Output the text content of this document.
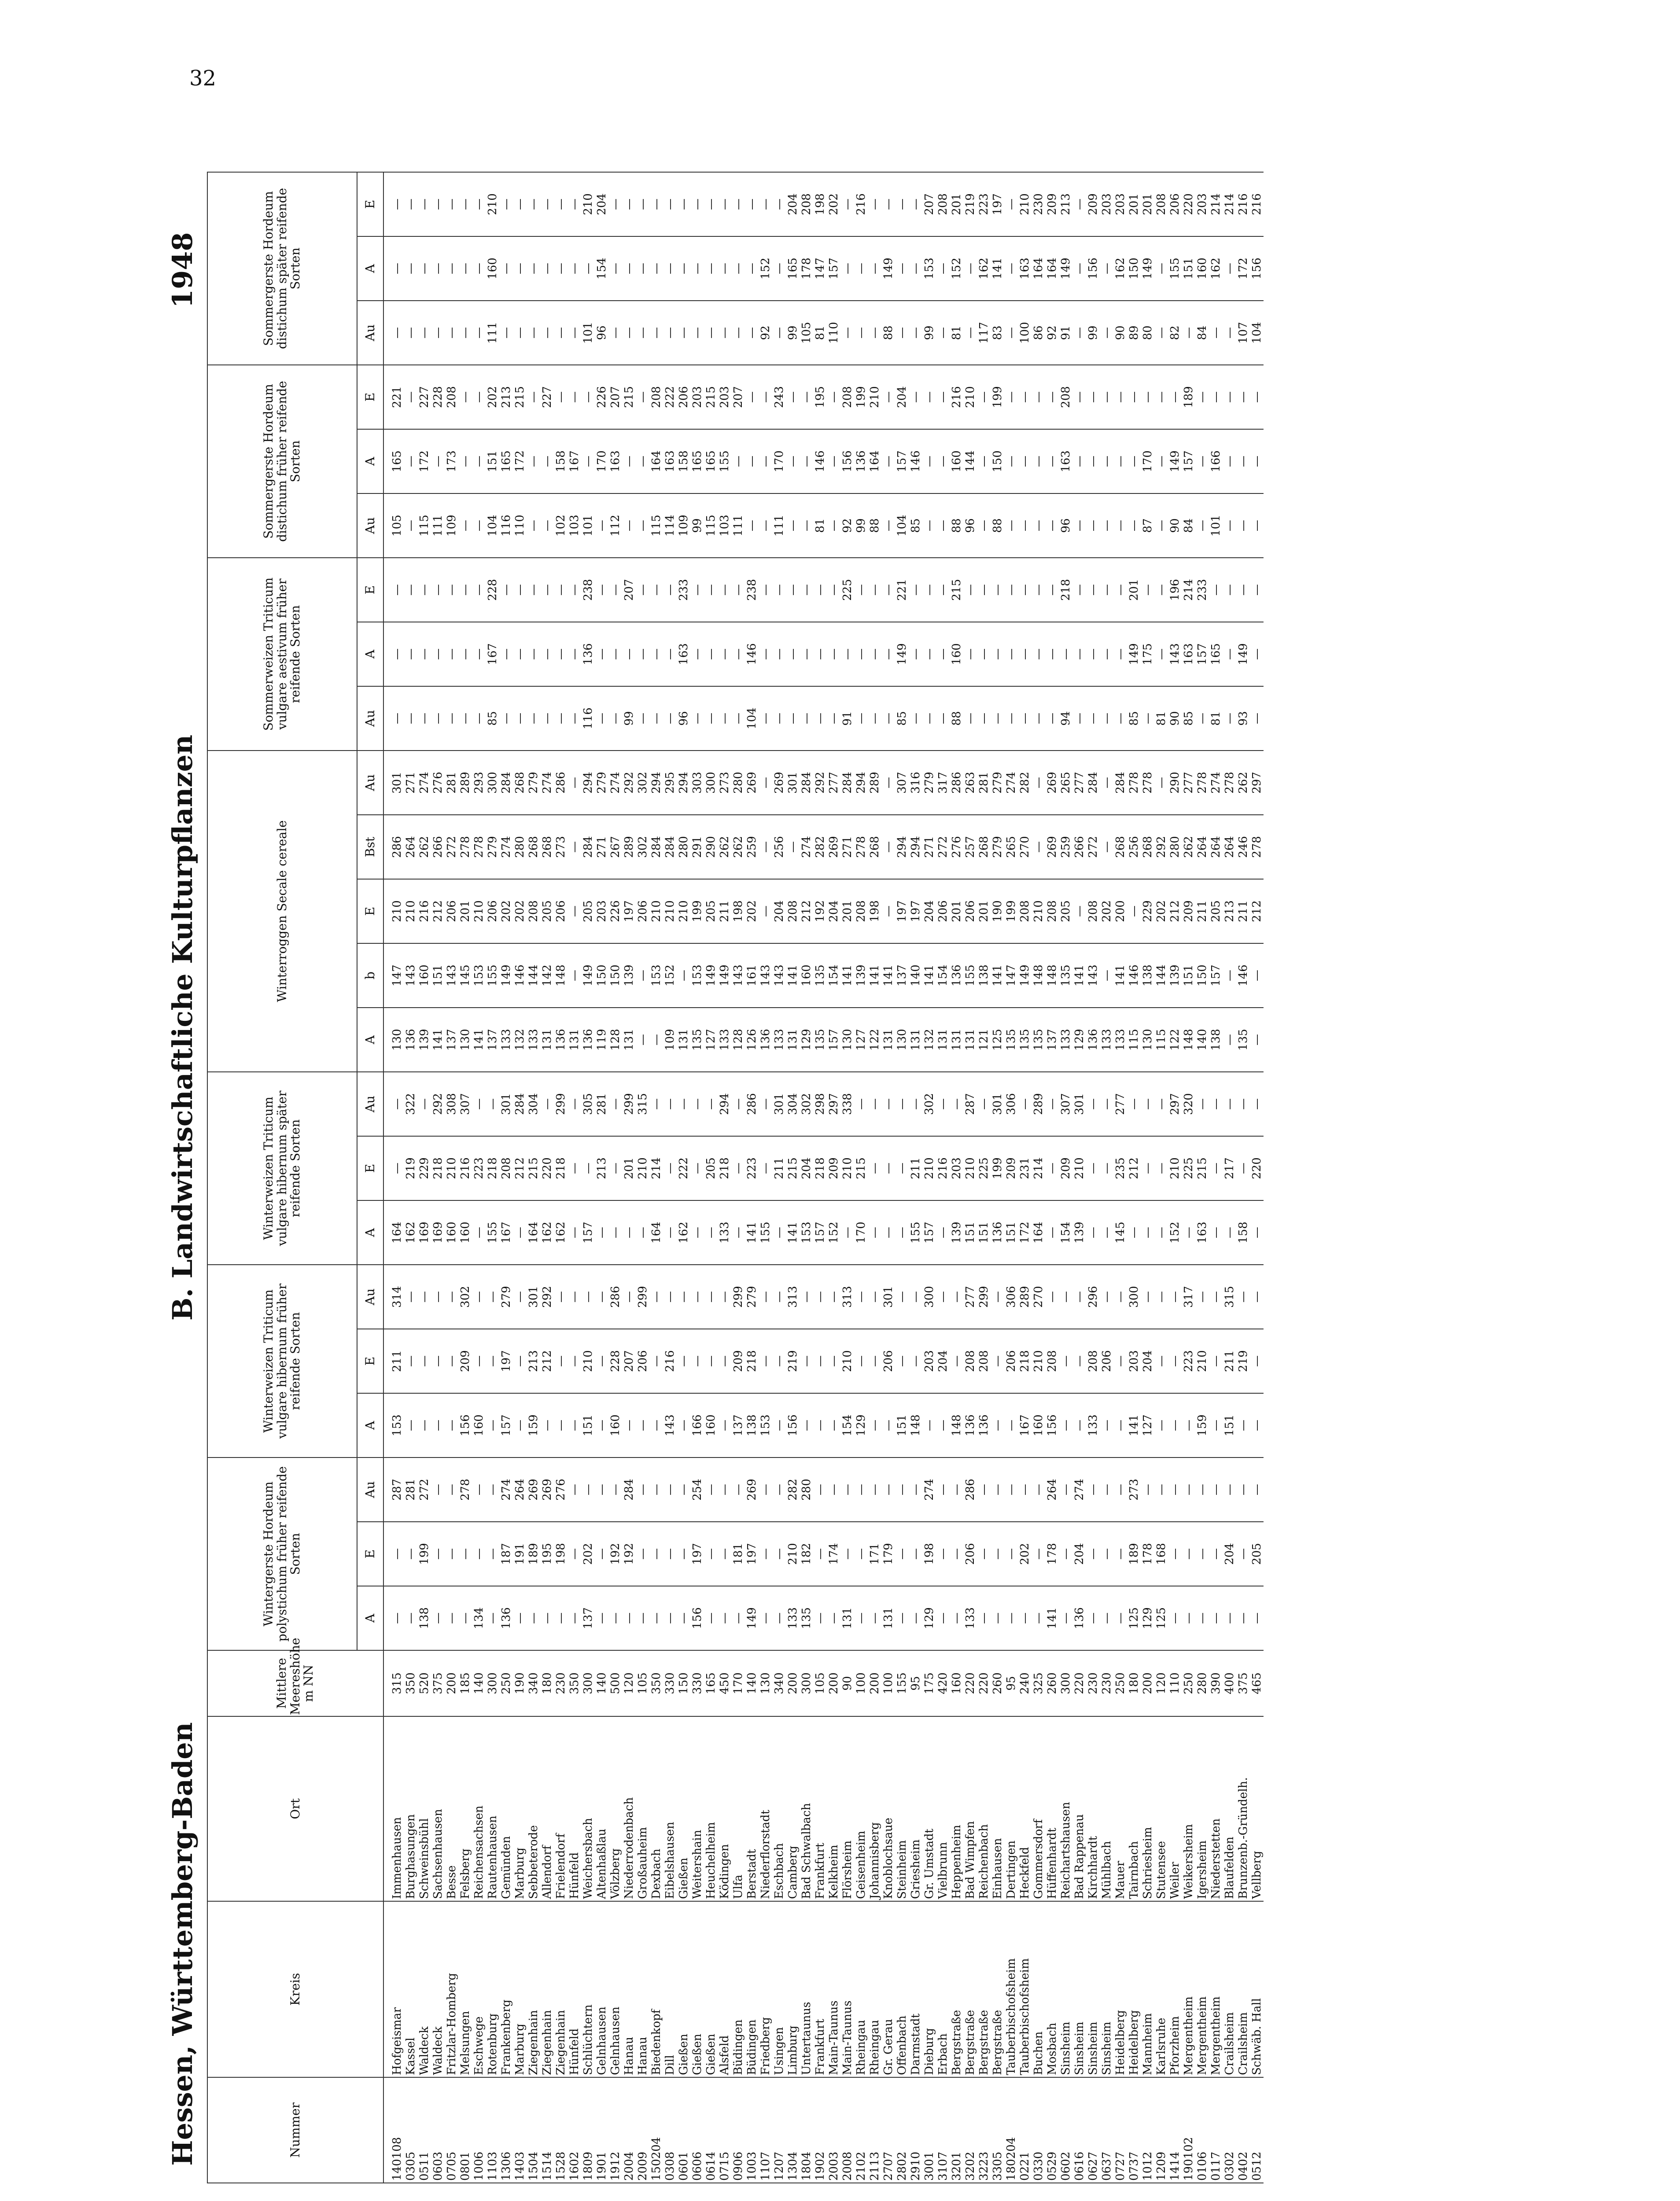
32
Hessen, Württemberg-Baden
B. Landwirtschaftliche Kulturpflanzen
1948
Nummer	Kreis	Ort	Mittlere Meereshöhe m NN	Wintergerste Hordeum polystichum früher reifende Sorten			Winterweizen Triticum vulgare hibernum früher reifende Sorten			Winterweizen Triticum vulgare hibernum später reifende Sorten			Winterroggen Secale cereale					Sommerweizen Triticum vulgare aestivum früher reifende Sorten			Sommergerste Hordeum distichum früher reifende Sorten			Sommergerste Hordeum distichum später reifende Sorten		
				A	E	Au	A	E	Au	A	E	Au	A	b	E	Bst	Au	Au	A	E	Au	A	E	Au	A	E
140108	Hofgeismar	Immenhausen	315	—	—	287	153	211	314	164	—	—	130	147	210	286	301	—	—	—	105	165	221	—	—	—
0305	Kassel	Burghasungen	350	—	—	281	—	—	—	162	219	322	136	143	210	264	271	—	—	—	—	—	—	—	—	—
0511	Waldeck	Schweinsbühl	520	138	199	272	—	—	—	169	229	—	139	160	216	262	274	—	—	—	115	172	227	—	—	—
0603	Waldeck	Sachsenhausen	375	—	—	—	—	—	—	169	218	292	141	151	212	266	276	—	—	—	111	—	228	—	—	—
0705	Fritzlar-Homberg	Besse	200	—	—	—	—	—	—	160	210	308	137	143	206	272	281	—	—	—	109	173	208	—	—	—
0801	Melsungen	Felsberg	185	—	—	278	156	209	302	160	216	307	130	145	201	278	289	—	—	—	—	—	—	—	—	—
1006	Eschwege	Reichensachsen	140	134	—	—	160	—	—	—	223	—	141	153	210	278	293	—	—	—	—	—	—	—	—	—
1103	Rotenburg	Rautenhausen	300	—	—	—	—	—	—	155	218	—	137	155	206	279	300	85	167	228	104	151	202	111	160	210
1306	Frankenberg	Gemünden	250	136	187	274	157	197	279	167	208	301	133	149	202	274	284	—	—	—	116	165	213	—	—	—
1403	Marburg	Marburg	190	—	191	264	—	—	—	—	212	284	132	146	202	280	268	—	—	—	110	172	215	—	—	—
1504	Ziegenhain	Sebbeterode	340	—	189	269	159	213	301	164	215	304	133	144	208	268	279	—	—	—	—	—	—	—	—	—
1514	Ziegenhain	Allendorf	180	—	195	269	—	212	292	162	220	—	131	142	205	268	274	—	—	—	—	—	227	—	—	—
1528	Ziegenhain	Frielendorf	230	—	198	276	—	—	—	162	218	299	136	148	206	273	286	—	—	—	102	158	—	—	—	—
1602	Hünfeld	Hünfeld	350	—	—	—	—	—	—	—	—	—	131	—	—	—	—	—	—	—	103	167	—	—	—	—
1809	Schlüchtern	Weichersbach	300	137	202	—	151	210	—	157	—	305	136	149	205	284	294	116	136	238	101	—	—	101	—	210
1901	Gelnhausen	Altenhaßlau	140	—	—	—	—	—	—	—	213	281	119	150	203	271	279	—	—	—	—	170	226	96	154	204
1912	Gelnhausen	Völzberg	500	—	192	—	160	228	286	—	—	—	128	150	226	267	274	—	—	—	112	163	207	—	—	—
2004	Hanau	Niederrodenbach	120	—	192	284	—	207	—	—	201	299	131	139	197	289	292	99	—	207	—	—	215	—	—	—
2009	Hanau	Großauheim	105	—	—	—	—	206	299	—	210	315	—	—	206	302	302	—	—	—	—	—	—	—	—	—
150204	Biedenkopf	Dexbach	350	—	—	—	—	—	—	164	214	—	—	153	210	284	294	—	—	—	115	164	208	—	—	—
0308	Dill	Eibelshausen	330	—	—	—	143	216	—	—	—	—	109	152	210	284	295	—	—	—	114	163	222	—	—	—
0601	Gießen	Gießen	150	—	—	—	—	—	—	162	222	—	131	—	210	280	294	96	163	233	109	158	206	—	—	—
0606	Gießen	Weitershain	330	156	197	254	166	—	—	—	—	—	135	153	199	291	303	—	—	—	99	165	203	—	—	—
0614	Gießen	Heuchelheim	165	—	—	—	160	—	—	—	205	—	127	149	205	290	300	—	—	—	115	165	215	—	—	—
0715	Alsfeld	Ködingen	450	—	—	—	—	—	—	133	218	294	133	149	211	262	273	—	—	—	103	155	203	—	—	—
0906	Büdingen	Ulfa	170	—	181	—	137	209	299	—	—	—	128	143	198	262	280	—	—	—	111	—	207	—	—	—
1003	Büdingen	Berstadt	140	149	197	269	138	218	279	141	223	286	126	161	202	259	269	104	146	238	—	—	—	—	—	—
1107	Friedberg	Niederflorstadt	130	—	—	—	153	—	—	155	—	—	136	143	—	—	—	—	—	—	—	—	—	92	152	—
1207	Usingen	Eschbach	340	—	—	—	—	—	—	—	211	301	133	143	204	256	269	—	—	—	111	170	243	—	—	—
1304	Limburg	Camberg	200	133	210	282	156	219	313	141	215	304	131	141	208	—	301	—	—	—	—	—	—	99	165	204
1804	Untertaunus	Bad Schwalbach	300	135	182	280	—	—	—	153	204	302	129	160	212	274	284	—	—	—	—	—	—	105	178	208
1902	Frankfurt	Frankfurt	105	—	—	—	—	—	—	157	218	298	135	135	192	282	292	—	—	—	81	146	195	81	147	198
2003	Main-Taunus	Kelkheim	200	—	174	—	—	—	—	152	209	297	157	154	204	269	277	—	—	—	—	—	—	110	157	202
2008	Main-Taunus	Flörsheim	90	131	—	—	154	210	313	—	210	338	130	141	201	271	284	91	—	225	92	156	208	—	—	—
2102	Rheingau	Geisenheim	100	—	—	—	129	—	—	170	215	—	127	139	208	278	294	—	—	—	99	136	199	—	—	216
2113	Rheingau	Johannisberg	200	—	171	—	—	—	—	—	—	—	122	141	198	268	289	—	—	—	88	164	210	—	—	—
2707	Gr. Gerau	Knoblochsaue	100	131	179	—	—	206	301	—	—	—	131	141	—	—	—	—	—	—	—	—	—	88	149	—
2802	Offenbach	Steinheim	155	—	—	—	151	—	—	—	—	—	130	137	197	294	307	85	149	221	104	157	204	—	—	—
2910	Darmstadt	Griesheim	95	—	—	—	148	—	—	155	211	—	131	140	197	294	316	—	—	—	85	146	—	—	—	—
3001	Dieburg	Gr. Umstadt	175	129	198	274	—	203	300	157	210	302	132	141	204	271	279	—	—	—	—	—	—	99	153	207
3107	Erbach	Vielbrunn	420	—	—	—	—	204	—	—	216	—	131	154	206	272	317	—	—	—	—	—	—	—	—	208
3201	Bergstraße	Heppenheim	160	—	—	—	148	—	—	139	203	—	131	136	201	276	286	88	160	215	88	160	216	81	152	201
3202	Bergstraße	Bad Wimpfen	220	133	206	286	136	208	277	151	210	287	131	155	206	257	263	—	—	—	96	144	210	—	—	219
3223	Bergstraße	Reichenbach	220	—	—	—	136	208	299	151	225	—	121	138	201	268	281	—	—	—	—	—	—	117	162	223
3305	Bergstraße	Einhausen	260	—	—	—	—	—	—	136	199	301	125	141	190	279	279	—	—	—	88	150	199	83	141	197
180204	Tauberbischofsheim	Dertingen	95	—	—	—	—	206	306	151	209	306	135	147	199	265	274	—	—	—	—	—	—	—	—	—
0221	Tauberbischofsheim	Heckfeld	240	—	202	—	167	218	289	172	231	—	135	149	208	270	282	—	—	—	—	—	—	100	163	210
0330	Buchen	Gommersdorf	325	—	—	—	160	210	270	164	214	289	135	148	210	—	—	—	—	—	—	—	—	86	164	230
0529	Mosbach	Hüffenhardt	260	141	178	264	156	208	—	—	—	—	137	148	208	269	269	—	—	—	—	—	—	92	164	209
0602	Sinsheim	Reichartshausen	300	—	—	—	—	—	—	154	209	307	133	135	205	259	265	94	—	218	96	163	208	91	149	213
0616	Sinsheim	Bad Rappenau	220	136	204	274	—	—	—	139	210	301	129	141	—	266	277	—	—	—	—	—	—	—	—	—
0627	Sinsheim	Kirchhardt	230	—	—	—	133	208	296	—	—	—	136	143	208	272	284	—	—	—	—	—	—	99	156	209
0637	Sinsheim	Mühlbach	230	—	—	—	—	206	—	—	—	—	133	—	202	—	—	—	—	—	—	—	—	—	—	203
0727	Heidelberg	Mauer	250	—	—	—	—	—	—	145	235	277	133	141	200	268	284	—	—	—	—	—	—	90	162	203
0737	Heidelberg	Tairnbach	180	125	189	273	141	203	300	—	212	—	115	146	—	256	278	85	149	201	—	—	—	89	150	201
1012	Mannheim	Schriesheim	200	129	178	—	127	204	—	—	—	—	130	138	229	268	278	—	175	—	87	170	—	80	149	201
1209	Karlsruhe	Stutensee	120	125	168	—	—	—	—	—	—	—	115	144	202	292	—	81	—	—	—	—	—	—	—	208
1414	Pforzheim	Weiler	110	—	—	—	—	—	—	152	210	297	122	139	212	280	290	90	143	196	90	149	—	82	155	206
190102	Mergentheim	Weikersheim	250	—	—	—	—	223	317	—	225	320	148	151	209	262	277	85	163	214	84	157	189	—	151	220
0106	Mergentheim	Igersheim	280	—	—	—	159	210	—	163	215	—	140	150	211	264	278	—	157	233	—	—	—	84	160	203
0117	Mergentheim	Niederstetten	390	—	—	—	—	—	—	—	—	—	138	157	205	264	274	81	165	—	101	166	—	—	162	214
0302	Crailsheim	Blaufelden	400	—	204	—	151	211	315	—	217	—	—	—	213	264	278	—	—	—	—	—	—	—	—	214
0402	Crailsheim	Brunzenb.-Gründelh.	375	—	—	—	—	219	—	158	—	—	135	146	211	246	262	93	149	—	—	—	—	107	172	216
0512	Schwäb. Hall	Vellberg	465	—	205	—	—	—	—	—	220	—	—	—	212	278	297	—	—	—	—	—	—	104	156	216
